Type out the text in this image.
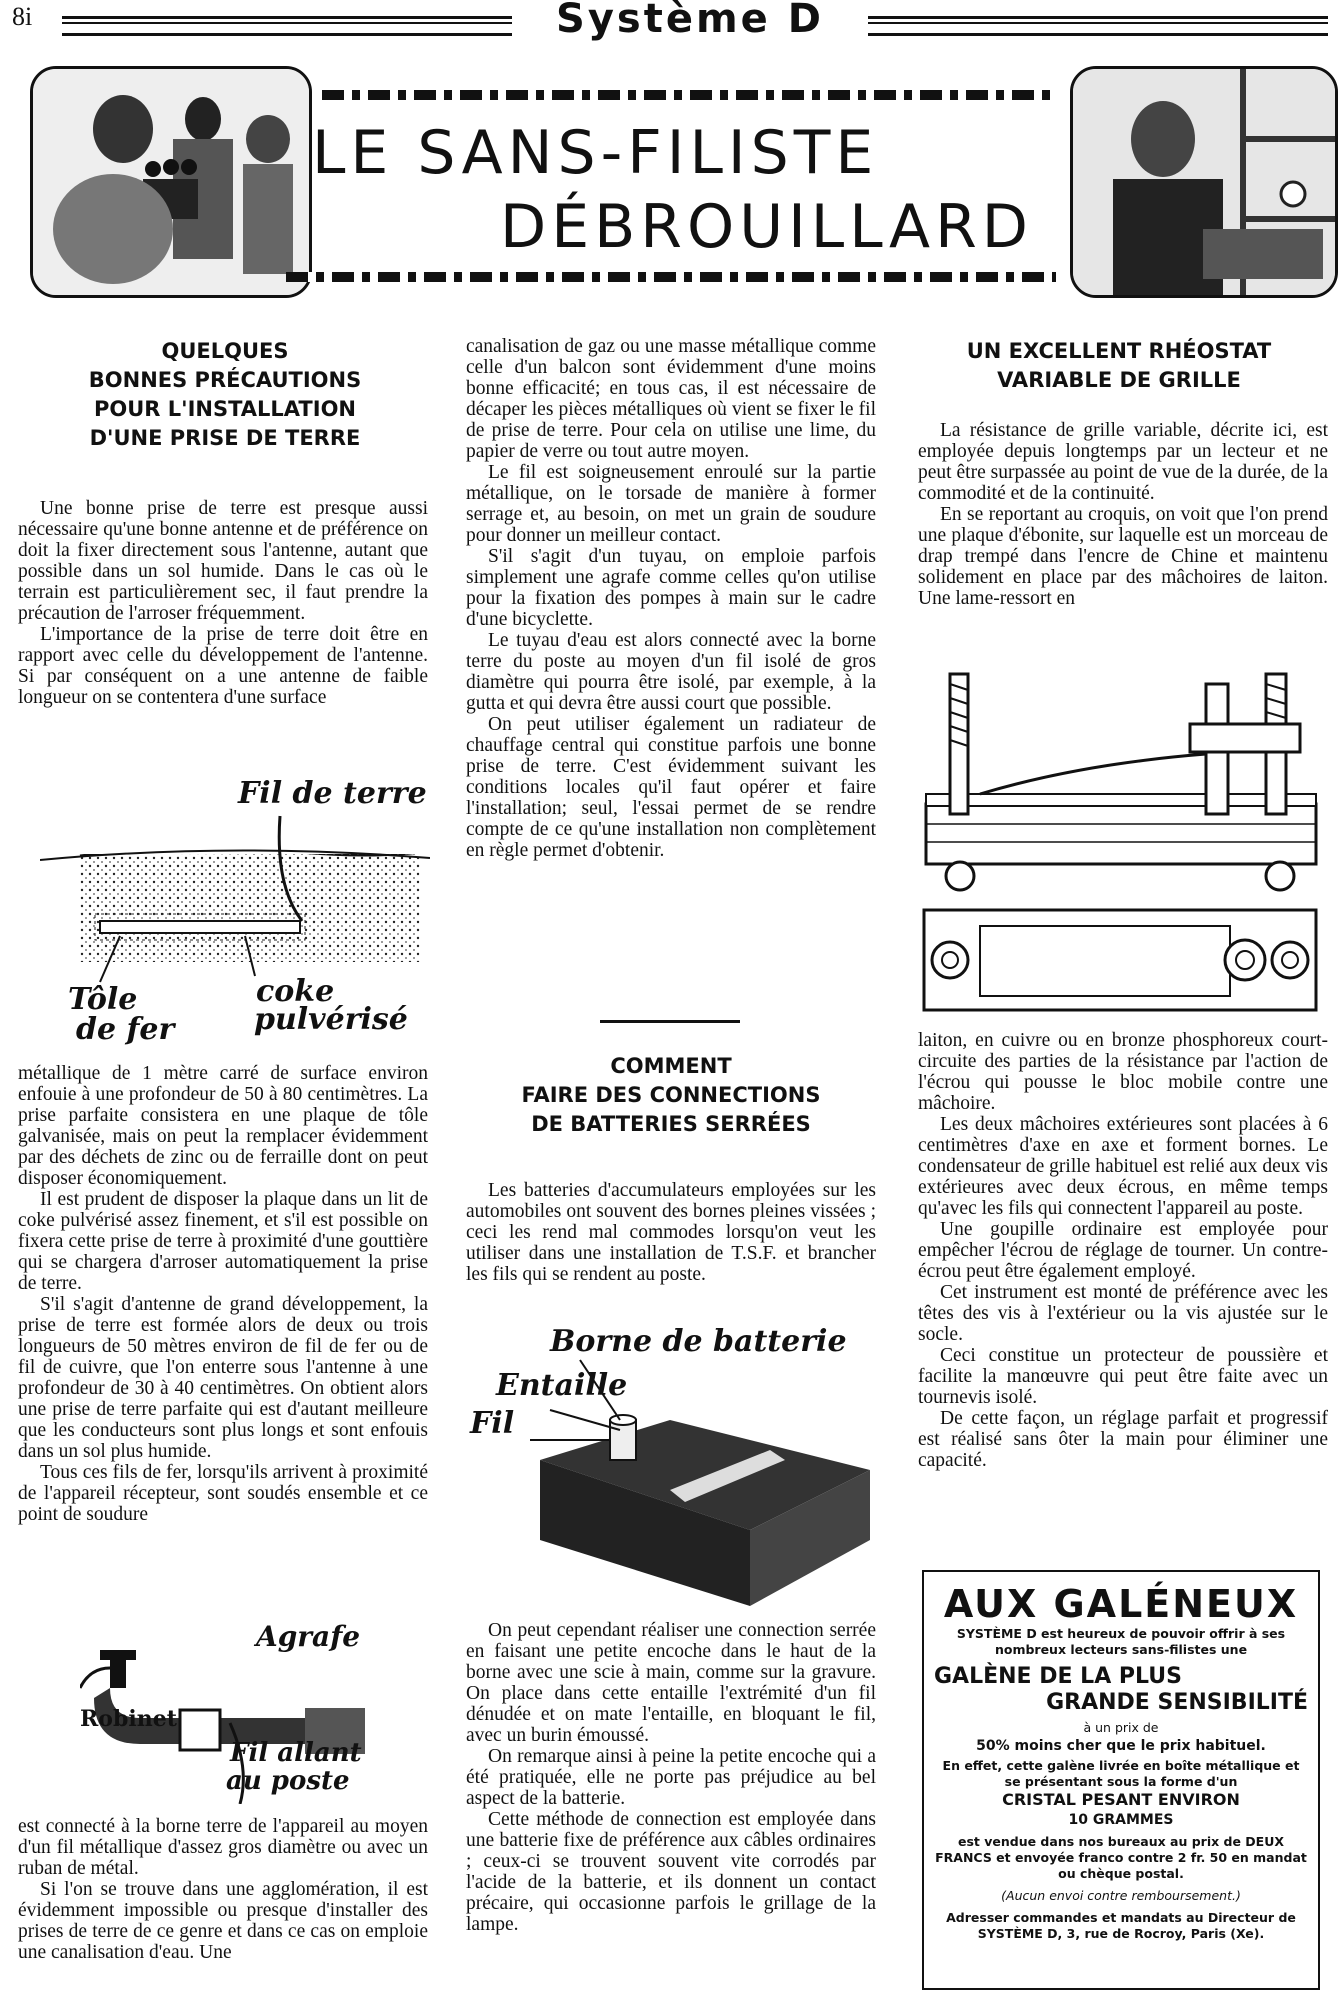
8i	Système D
LE SANS-FILISTE
DÉBROUILLARD
QUELQUES
BONNES PRÉCAUTIONS
POUR L'INSTALLATION
D'UNE PRISE DE TERRE

Une bonne prise de terre est presque aussi nécessaire qu'une bonne antenne et de préférence on doit la fixer directement sous l'antenne, autant que possible dans un sol humide. Dans le cas où le terrain est particulièrement sec, il faut prendre la précaution de l'arroser fréquemment.

L'importance de la prise de terre doit être en rapport avec celle du développement de l'antenne. Si par conséquent on a une antenne de faible longueur on se contentera d'une surface

Fil de terre
Tôle
de fer
coke
pulvérisé

métallique de 1 mètre carré de surface environ enfouie à une profondeur de 50 à 80 centimètres. La prise parfaite consistera en une plaque de tôle galvanisée, mais on peut la remplacer évidemment par des déchets de zinc ou de ferraille dont on peut disposer économiquement.

Il est prudent de disposer la plaque dans un lit de coke pulvérisé assez finement, et s'il est possible on fixera cette prise de terre à proximité d'une gouttière qui se chargera d'arroser automatiquement la prise de terre.

S'il s'agit d'antenne de grand développement, la prise de terre est formée alors de deux ou trois longueurs de 50 mètres environ de fil de fer ou de fil de cuivre, que l'on enterre sous l'antenne à une profondeur de 30 à 40 centimètres. On obtient alors une prise de terre parfaite qui est d'autant meilleure que les conducteurs sont plus longs et sont enfouis dans un sol plus humide.

Tous ces fils de fer, lorsqu'ils arrivent à proximité de l'appareil récepteur, sont soudés ensemble et ce point de soudure

Agrafe
Robinet
Fil allant
au poste

est connecté à la borne terre de l'appareil au moyen d'un fil métallique d'assez gros diamètre ou avec un ruban de métal.

Si l'on se trouve dans une agglomération, il est évidemment impossible ou presque d'installer des prises de terre de ce genre et dans ce cas on emploie une canalisation d'eau. Une

canalisation de gaz ou une masse métallique comme celle d'un balcon sont évidemment d'une moins bonne efficacité; en tous cas, il est nécessaire de décaper les pièces métalliques où vient se fixer le fil de prise de terre. Pour cela on utilise une lime, du papier de verre ou tout autre moyen.

Le fil est soigneusement enroulé sur la partie métallique, on le torsade de manière à former serrage et, au besoin, on met un grain de soudure pour donner un meilleur contact.

S'il s'agit d'un tuyau, on emploie parfois simplement une agrafe comme celles qu'on utilise pour la fixation des pompes à main sur le cadre d'une bicyclette.

Le tuyau d'eau est alors connecté avec la borne terre du poste au moyen d'un fil isolé de gros diamètre qui pourra être isolé, par exemple, à la gutta et qui devra être aussi court que possible.

On peut utiliser également un radiateur de chauffage central qui constitue parfois une bonne prise de terre. C'est évidemment suivant les conditions locales qu'il faut opérer et faire l'installation; seul, l'essai permet de se rendre compte de ce qu'une installation non complètement en règle permet d'obtenir.

COMMENT
FAIRE DES CONNECTIONS
DE BATTERIES SERRÉES

Les batteries d'accumulateurs employées sur les automobiles ont souvent des bornes pleines vissées ; ceci les rend mal commodes lorsqu'on veut les utiliser dans une installation de T.S.F. et brancher les fils qui se rendent au poste.

Borne de batterie
Entaille
Fil

On peut cependant réaliser une connection serrée en faisant une petite encoche dans le haut de la borne avec une scie à main, comme sur la gravure. On place dans cette entaille l'extrémité d'un fil dénudée et on mate l'entaille, en bloquant le fil, avec un burin émoussé.

On remarque ainsi à peine la petite encoche qui a été pratiquée, elle ne porte pas préjudice au bel aspect de la batterie.

Cette méthode de connection est employée dans une batterie fixe de préférence aux câbles ordinaires ; ceux-ci se trouvent souvent vite corrodés par l'acide de la batterie, et ils donnent un contact précaire, qui occasionne parfois le grillage de la lampe.

UN EXCELLENT RHÉOSTAT
VARIABLE DE GRILLE

La résistance de grille variable, décrite ici, est employée depuis longtemps par un lecteur et ne peut être surpassée au point de vue de la durée, de la commodité et de la continuité.

En se reportant au croquis, on voit que l'on prend une plaque d'ébonite, sur laquelle est un morceau de drap trempé dans l'encre de Chine et maintenu solidement en place par des mâchoires de laiton. Une lame-ressort en

laiton, en cuivre ou en bronze phosphoreux court-circuite des parties de la résistance par l'action de l'écrou qui pousse le bloc mobile contre une mâchoire.

Les deux mâchoires extérieures sont placées à 6 centimètres d'axe en axe et forment bornes. Le condensateur de grille habituel est relié aux deux vis extérieures avec deux écrous, en même temps qu'avec les fils qui connectent l'appareil au poste.

Une goupille ordinaire est employée pour empêcher l'écrou de réglage de tourner. Un contre-écrou peut être également employé.

Cet instrument est monté de préférence avec les têtes des vis à l'extérieur ou la vis ajustée sur le socle.

Ceci constitue un protecteur de poussière et facilite la manœuvre qui peut être faite avec un tournevis isolé.

De cette façon, un réglage parfait et progressif est réalisé sans ôter la main pour éliminer une capacité.

AUX GALÉNEUX
SYSTÈME D est heureux de pouvoir offrir à ses nombreux lecteurs sans-filistes une
GALÈNE DE LA PLUS
GRANDE SENSIBILITÉ
à un prix de
50% moins cher que le prix habituel.
En effet, cette galène livrée en boîte métallique et se présentant sous la forme d'un
CRISTAL PESANT ENVIRON
10 GRAMMES
est vendue dans nos bureaux au prix de DEUX FRANCS et envoyée franco contre 2 fr. 50 en mandat ou chèque postal.
(Aucun envoi contre remboursement.)
Adresser commandes et mandats au Directeur de SYSTÈME D, 3, rue de Rocroy, Paris (Xe).
